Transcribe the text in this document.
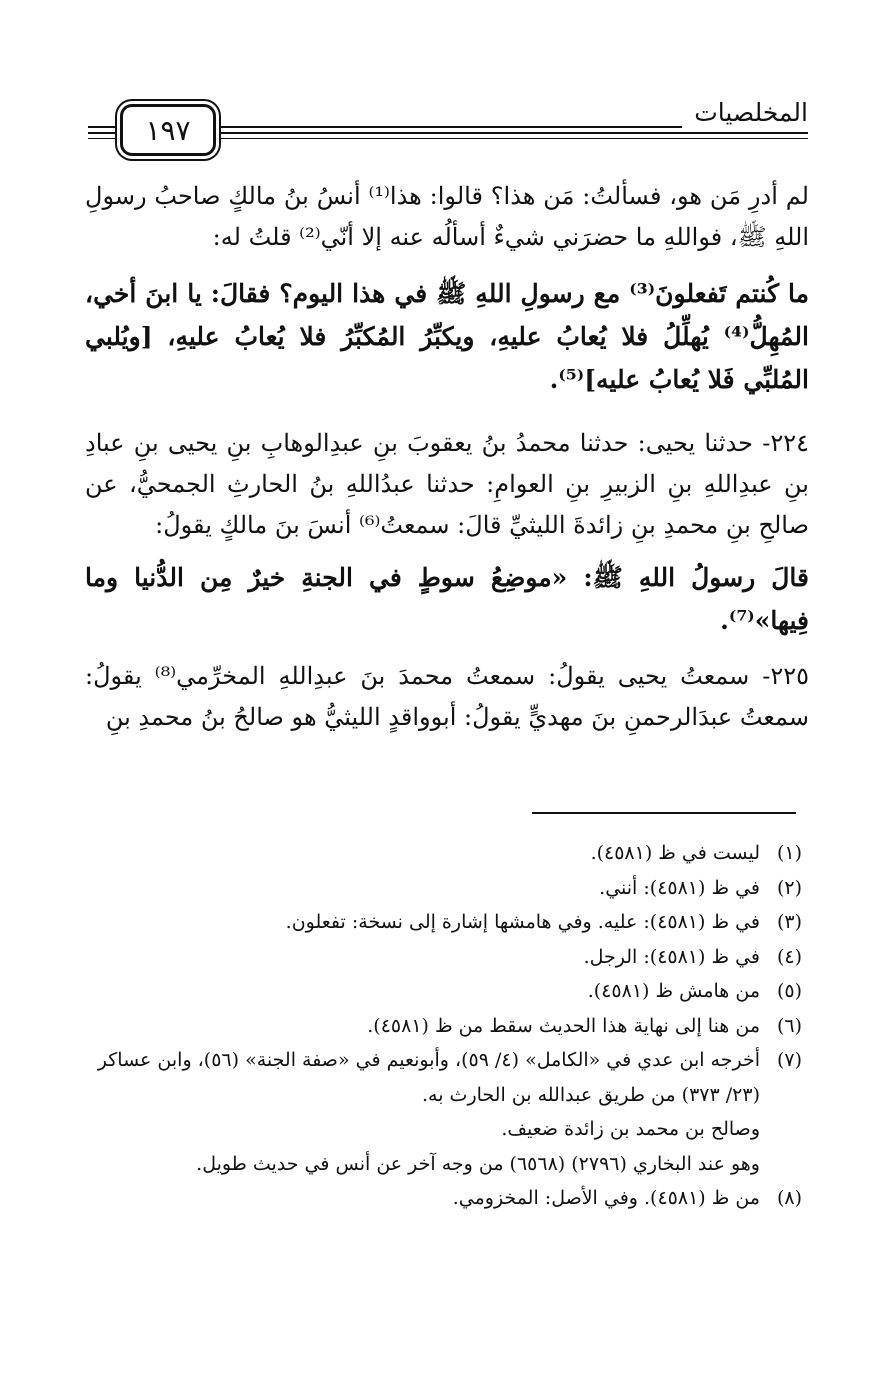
المخلصيات
١٩٧

لم أدرِ مَن هو، فسألتُ: مَن هذا؟ قالوا: هذا⁽¹⁾ أنسُ بنُ مالكٍ صاحبُ رسولِ اللهِ ﷺ، فواللهِ ما حضرَني شيءٌ أسألُه عنه إلا أنّي⁽²⁾ قلتُ له:

ما كُنتم تَفعلونَ⁽³⁾ مع رسولِ اللهِ ﷺ في هذا اليوم؟ فقالَ: يا ابنَ أخي، المُهِلُّ⁽⁴⁾ يُهلِّلُ فلا يُعابُ عليهِ، ويكبِّرُ المُكبِّرُ فلا يُعابُ عليهِ، [ويُلبي المُلبِّي فَلا يُعابُ عليه]⁽⁵⁾.

٢٢٤- حدثنا يحيى: حدثنا محمدُ بنُ يعقوبَ بنِ عبدِالوهابِ بنِ يحيى بنِ عبادِ بنِ عبدِاللهِ بنِ الزبيرِ بنِ العوامِ: حدثنا عبدُاللهِ بنُ الحارثِ الجمحيُّ، عن صالحِ بنِ محمدِ بنِ زائدةَ الليثيِّ قالَ: سمعتُ⁽⁶⁾ أنسَ بنَ مالكٍ يقولُ:

قالَ رسولُ اللهِ ﷺ: «موضِعُ سوطٍ في الجنةِ خيرٌ مِن الدُّنيا وما فِيها»⁽⁷⁾.

٢٢٥- سمعتُ يحيى يقولُ: سمعتُ محمدَ بنَ عبدِاللهِ المخرِّمي⁽⁸⁾ يقولُ: سمعتُ عبدَالرحمنِ بنَ مهديٍّ يقولُ: أبوواقدٍ الليثيُّ هو صالحُ بنُ محمدِ بنِ

(١)
ليست في ظ (٤٥٨١).

(٢)
في ظ (٤٥٨١): أنني.

(٣)
في ظ (٤٥٨١): عليه. وفي هامشها إشارة إلى نسخة: تفعلون.

(٤)
في ظ (٤٥٨١): الرجل.

(٥)
من هامش ظ (٤٥٨١).

(٦)
من هنا إلى نهاية هذا الحديث سقط من ظ (٤٥٨١).

(٧)
أخرجه ابن عدي في «الكامل» (٤/ ٥٩)، وأبونعيم في «صفة الجنة» (٥٦)، وابن عساكر (٢٣/ ٣٧٣) من طريق عبدالله بن الحارث به.
وصالح بن محمد بن زائدة ضعيف.
وهو عند البخاري (٢٧٩٦) (٦٥٦٨) من وجه آخر عن أنس في حديث طويل.

(٨)
من ظ (٤٥٨١). وفي الأصل: المخزومي.
